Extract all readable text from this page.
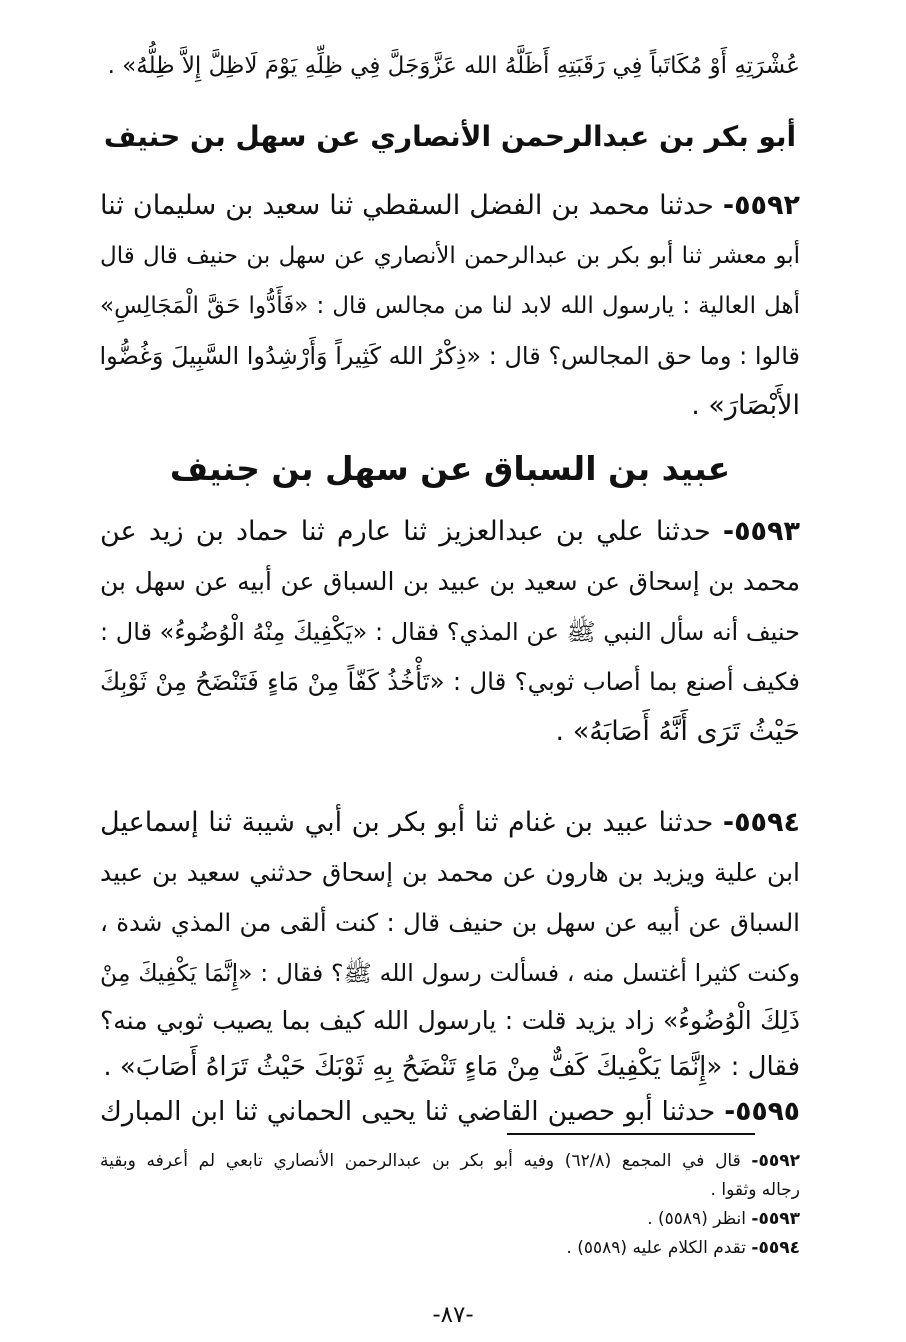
عُشْرَتِهِ أَوْ مُكَاتَباً فِي رَقَبَتِهِ أَظَلَّهُ الله عَزَّوَجَلَّ فِي ظِلِّهِ يَوْمَ لَاظِلَّ إِلاَّ ظِلُّهُ» .
أبو بكر بن عبدالرحمن الأنصاري عن سهل بن حنيف
٥٥٩٢- حدثنا محمد بن الفضل السقطي ثنا سعيد بن سليمان ثنا
أبو معشر ثنا أبو بكر بن عبدالرحمن الأنصاري عن سهل بن حنيف قال قال
أهل العالية : يارسول الله لابد لنا من مجالس قال : «فَأَدُّوا حَقَّ الْمَجَالِسِ»
قالوا : وما حق المجالس؟ قال : «ذِكْرُ الله كَثِيراً وَأَرْشِدُوا السَّبِيلَ وَغُضُّوا
الأَبْصَارَ» .
عبيد بن السباق عن سهل بن جنيف
٥٥٩٣- حدثنا علي بن عبدالعزيز ثنا عارم ثنا حماد بن زيد عن
محمد بن إسحاق عن سعيد بن عبيد بن السباق عن أبيه عن سهل بن
حنيف أنه سأل النبي ﷺ عن المذي؟ فقال : «يَكْفِيكَ مِنْهُ الْوُضُوءُ» قال :
فكيف أصنع بما أصاب ثوبي؟ قال : «تَأْخُذُ كَفّاً مِنْ مَاءٍ فَتَنْضَحُ مِنْ ثَوْبِكَ
حَيْثُ تَرَى أَنَّهُ أَصَابَهُ» .
٥٥٩٤- حدثنا عبيد بن غنام ثنا أبو بكر بن أبي شيبة ثنا إسماعيل
ابن علية ويزيد بن هارون عن محمد بن إسحاق حدثني سعيد بن عبيد
السباق عن أبيه عن سهل بن حنيف قال : كنت ألقى من المذي شدة ،
وكنت كثيرا أغتسل منه ، فسألت رسول الله ﷺ؟ فقال : «إِنَّمَا يَكْفِيكَ مِنْ
ذَلِكَ الْوُضُوءُ» زاد يزيد قلت : يارسول الله كيف بما يصيب ثوبي منه؟
فقال : «إِنَّمَا يَكْفِيكَ كَفٌّ مِنْ مَاءٍ تَنْضَحُ بِهِ ثَوْبَكَ حَيْثُ تَرَاهُ أَصَابَ» .
٥٥٩٥- حدثنا أبو حصين القاضي ثنا يحيى الحماني ثنا ابن المبارك
٥٥٩٢- قال في المجمع (٦٢/٨) وفيه أبو بكر بن عبدالرحمن الأنصاري تابعي لم أعرفه وبقية
رجاله وثقوا .
٥٥٩٣- انظر (٥٥٨٩) .
٥٥٩٤- تقدم الكلام عليه (٥٥٨٩) .
-٨٧-
